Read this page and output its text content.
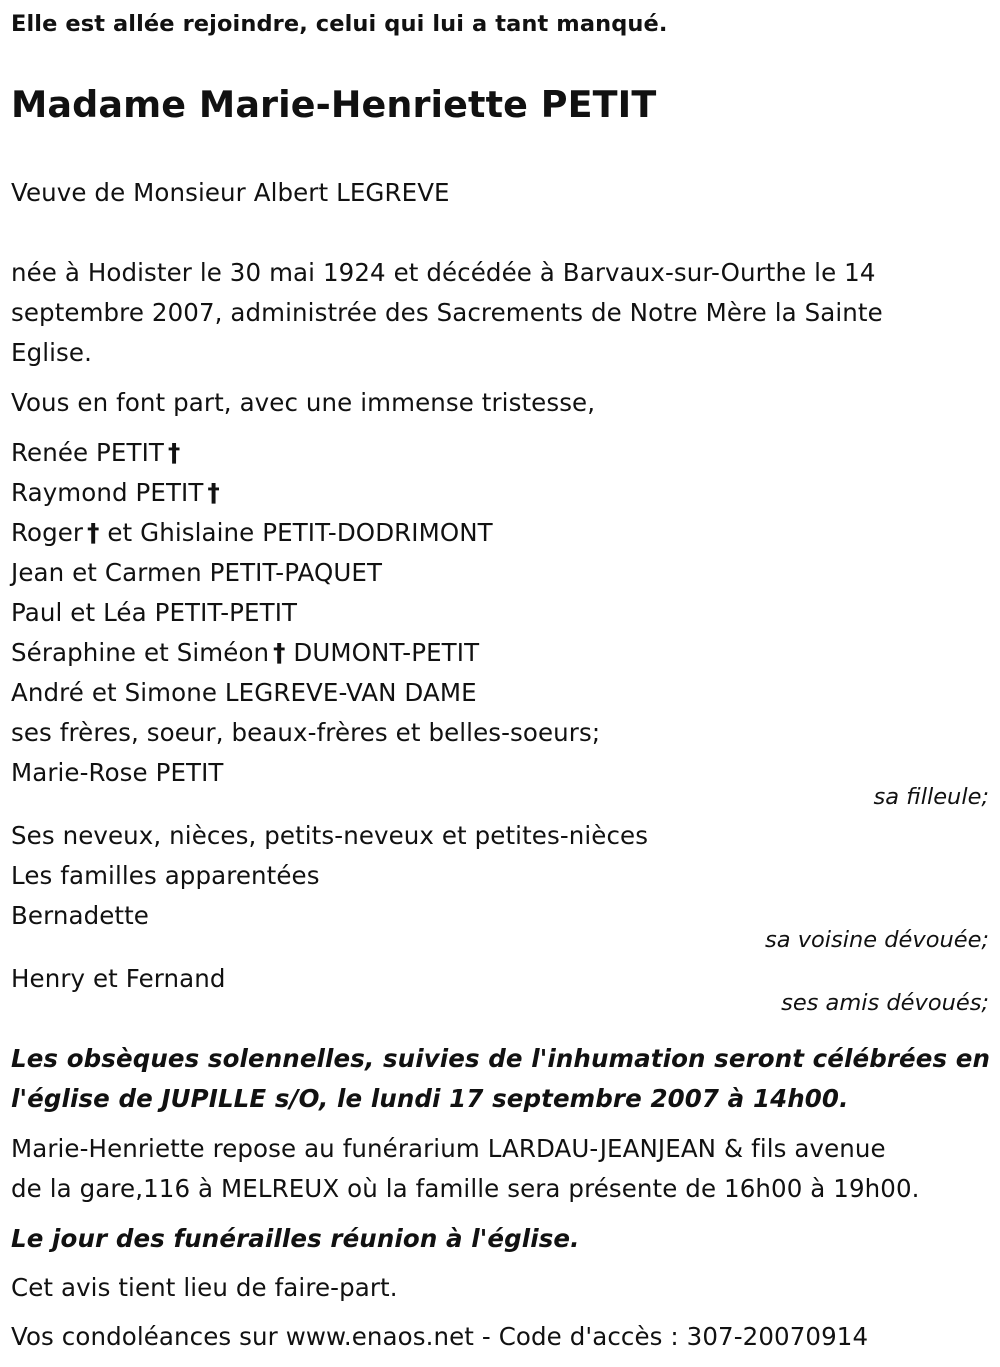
Elle est allée rejoindre, celui qui lui a tant manqué.
Madame Marie-Henriette PETIT
Veuve de Monsieur Albert LEGREVE
née à Hodister le 30 mai 1924 et décédée à Barvaux-sur-Ourthe le 14
septembre 2007, administrée des Sacrements de Notre Mère la Sainte
Eglise.
Vous en font part, avec une immense tristesse,
Renée PETIT †
Raymond PETIT †
Roger † et Ghislaine PETIT-DODRIMONT
Jean et Carmen PETIT-PAQUET
Paul et Léa PETIT-PETIT
Séraphine et Siméon † DUMONT-PETIT
André et Simone LEGREVE-VAN DAME
ses frères, soeur, beaux-frères et belles-soeurs;
Marie-Rose PETIT
sa filleule;
Ses neveux, nièces, petits-neveux et petites-nièces
Les familles apparentées
Bernadette
sa voisine dévouée;
Henry et Fernand
ses amis dévoués;
Les obsèques solennelles, suivies de l'inhumation seront célébrées en
l'église de JUPILLE s/O, le lundi 17 septembre 2007 à 14h00.
Marie-Henriette repose au funérarium LARDAU-JEANJEAN & fils avenue
de la gare,116 à MELREUX où la famille sera présente de 16h00 à 19h00.
Le jour des funérailles réunion à l'église.
Cet avis tient lieu de faire-part.
Vos condoléances sur www.enaos.net - Code d'accès : 307-20070914
